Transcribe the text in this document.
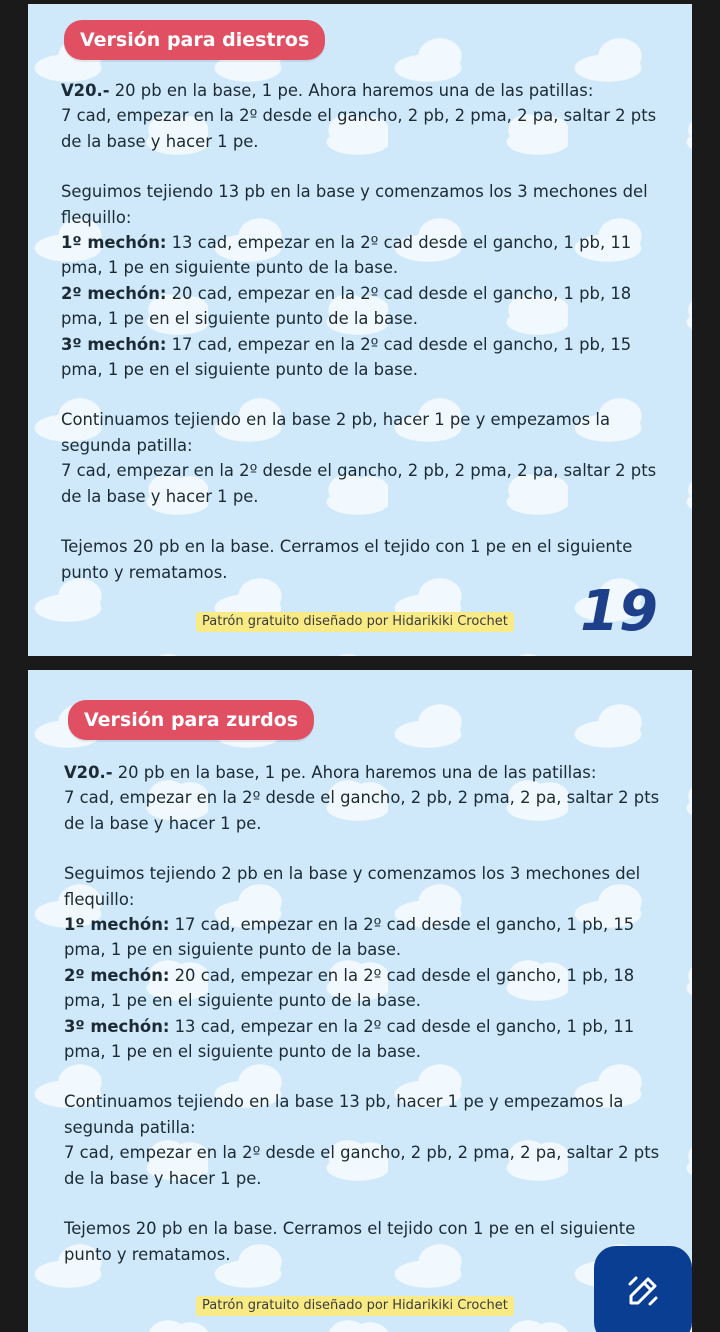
Versión para diestros

V20.- 20 pb en la base, 1 pe. Ahora haremos una de las patillas:

7 cad, empezar en la 2º desde el gancho, 2 pb, 2 pma, 2 pa, saltar 2 pts de la base y hacer 1 pe.

Seguimos tejiendo 13 pb en la base y comenzamos los 3 mechones del flequillo:

1º mechón: 13 cad, empezar en la 2º cad desde el gancho, 1 pb, 11 pma, 1 pe en siguiente punto de la base.

2º mechón: 20 cad, empezar en la 2º cad desde el gancho, 1 pb, 18 pma, 1 pe en el siguiente punto de la base.

3º mechón: 17 cad, empezar en la 2º cad desde el gancho, 1 pb, 15 pma, 1 pe en el siguiente punto de la base.

Continuamos tejiendo en la base 2 pb, hacer 1 pe y empezamos la segunda patilla:

7 cad, empezar en la 2º desde el gancho, 2 pb, 2 pma, 2 pa, saltar 2 pts de la base y hacer 1 pe.

Tejemos 20 pb en la base. Cerramos el tejido con 1 pe en el siguiente punto y rematamos.

Patrón gratuito diseñado por Hidarikiki Crochet 19
Versión para zurdos

V20.- 20 pb en la base, 1 pe. Ahora haremos una de las patillas:

7 cad, empezar en la 2º desde el gancho, 2 pb, 2 pma, 2 pa, saltar 2 pts de la base y hacer 1 pe.

Seguimos tejiendo 2 pb en la base y comenzamos los 3 mechones del flequillo:

1º mechón: 17 cad, empezar en la 2º cad desde el gancho, 1 pb, 15 pma, 1 pe en siguiente punto de la base.

2º mechón: 20 cad, empezar en la 2º cad desde el gancho, 1 pb, 18 pma, 1 pe en el siguiente punto de la base.

3º mechón: 13 cad, empezar en la 2º cad desde el gancho, 1 pb, 11 pma, 1 pe en el siguiente punto de la base.

Continuamos tejiendo en la base 13 pb, hacer 1 pe y empezamos la segunda patilla:

7 cad, empezar en la 2º desde el gancho, 2 pb, 2 pma, 2 pa, saltar 2 pts de la base y hacer 1 pe.

Tejemos 20 pb en la base. Cerramos el tejido con 1 pe en el siguiente punto y rematamos.

Patrón gratuito diseñado por Hidarikiki Crochet
